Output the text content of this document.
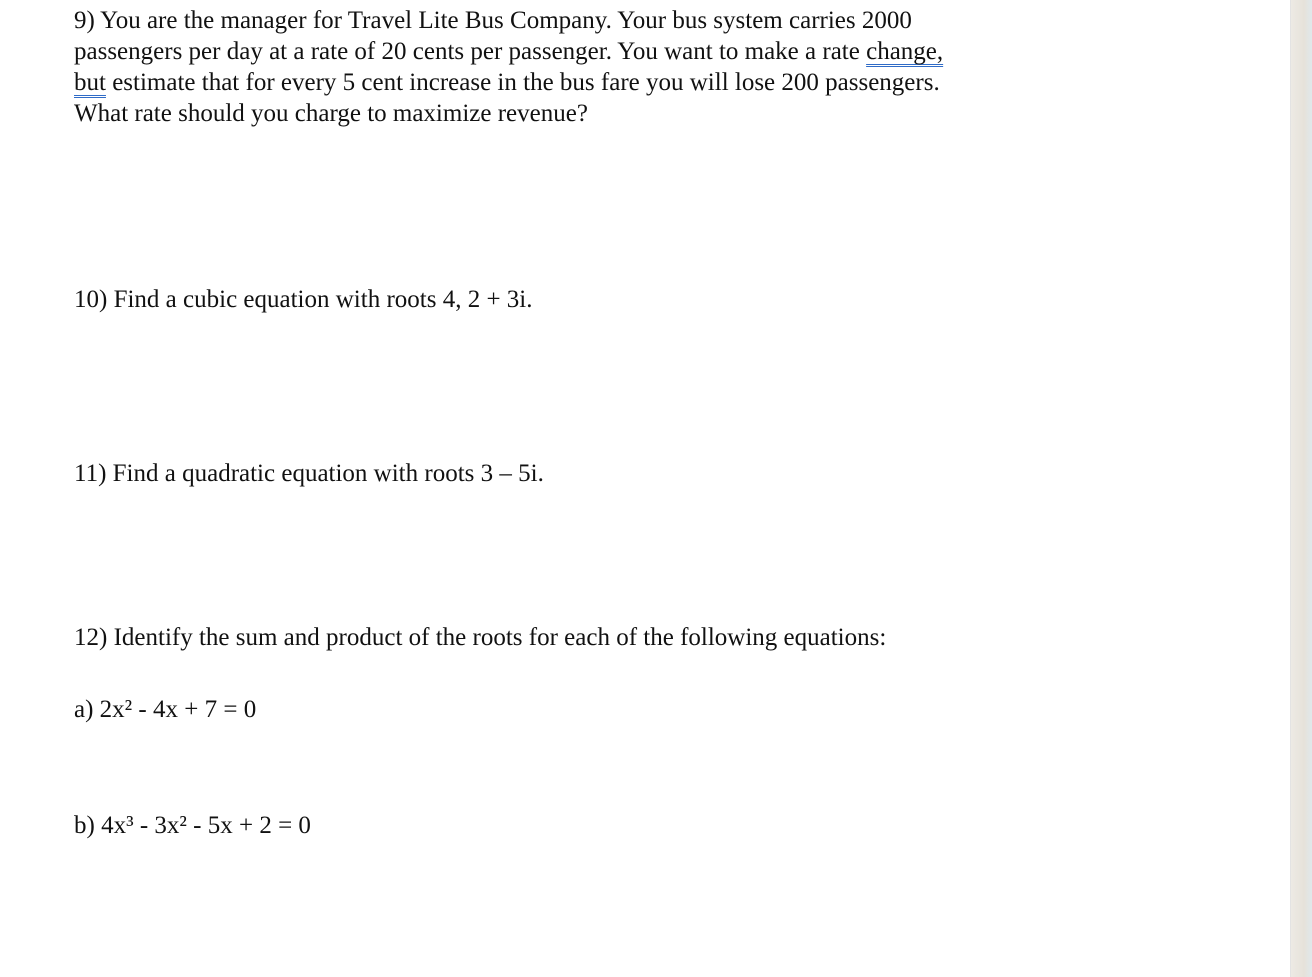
9) You are the manager for Travel Lite Bus Company. Your bus system carries 2000
passengers per day at a rate of 20 cents per passenger. You want to make a rate change,
but estimate that for every 5 cent increase in the bus fare you will lose 200 passengers.
What rate should you charge to maximize revenue?

10) Find a cubic equation with roots 4, 2 + 3i.

11) Find a quadratic equation with roots 3 – 5i.

12) Identify the sum and product of the roots for each of the following equations:

a) 2x² - 4x + 7 = 0

b) 4x³ - 3x² - 5x + 2 = 0
